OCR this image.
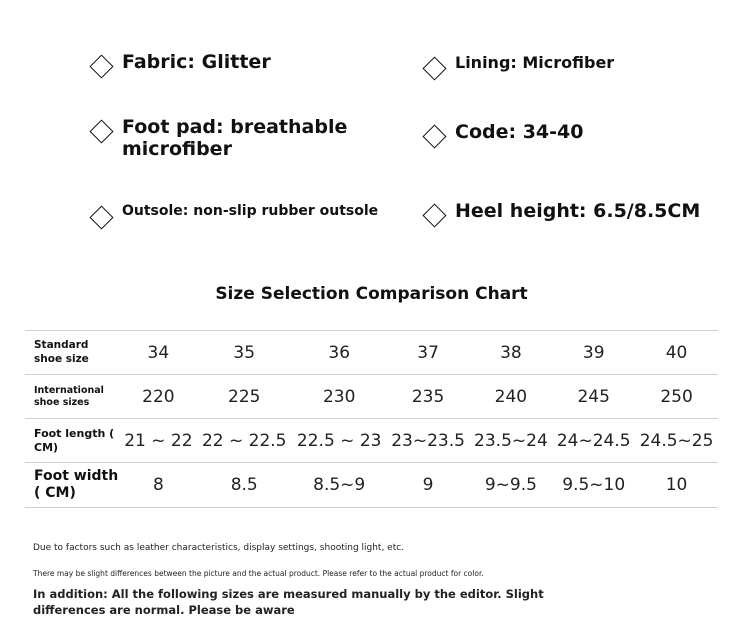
Fabric: Glitter	Lining: Microfiber
Foot pad: breathable microfiber
Code: 34-40
Outsole: non-slip rubber outsole	Heel height: 6.5/8.5CM
Size Selection Comparison Chart
Standard shoe size	34	35	36	37	38	39	40
International shoe sizes	220	225	230	235	240	245	250
Foot length ( CM)	21 ~ 22	22 ~ 22.5	22.5 ~ 23	23~23.5	23.5~24	24~24.5	24.5~25
Foot width ( CM)	8	8.5	8.5~9	9	9~9.5	9.5~10	10
Due to factors such as leather characteristics, display settings, shooting light, etc.
There may be slight differences between the picture and the actual product. Please refer to the actual product for color.
In addition: All the following sizes are measured manually by the editor. Slight differences are normal. Please be aware
